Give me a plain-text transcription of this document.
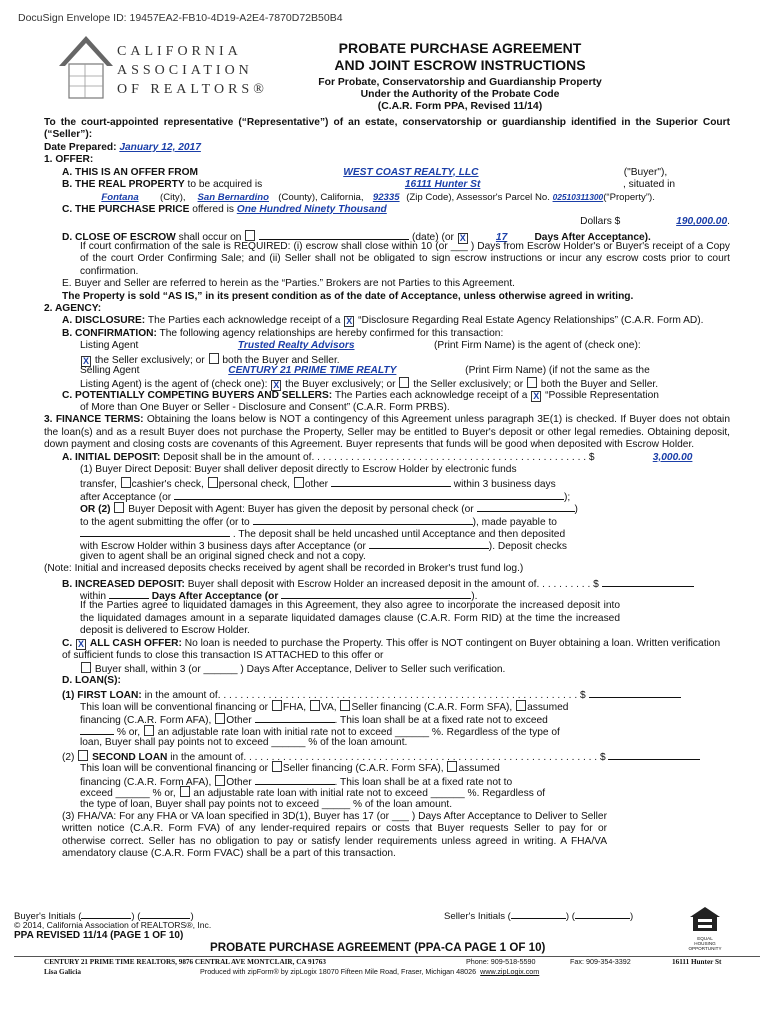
DocuSign Envelope ID: 19457EA2-FB10-4D19-A2E4-7870D72B50B4
CALIFORNIA
ASSOCIATION
OF REALTORS®
PROBATE PURCHASE AGREEMENT
AND JOINT ESCROW INSTRUCTIONS
For Probate, Conservatorship and Guardianship Property
Under the Authority of the Probate Code
(C.A.R. Form PPA, Revised 11/14)
To the court-appointed representative (“Representative”) of an estate, conservatorship or guardianship identified in the Superior Court (“Seller”):
Date Prepared: January 12, 2017
1. OFFER:
A. THIS IS AN OFFER FROM	WEST COAST REALTY, LLC	("Buyer"),
B. THE REAL PROPERTY to be acquired is	16111 Hunter St	, situated in
Fontana (City), San Bernardino (County), California, 92335 (Zip Code), Assessor's Parcel No. 02510311300(“Property”).
C. THE PURCHASE PRICE offered is One Hundred Ninety Thousand
Dollars $	190,000.00.
D. CLOSE OF ESCROW shall occur on	(date) (or X	17	Days After Acceptance).
If court confirmation of the sale is REQUIRED: (i) escrow shall close within 10 (or ___ ) Days from Escrow Holder's or Buyer's receipt of a Copy of the court Order Confirming Sale; and (ii) Seller shall not be obligated to sign escrow instructions or incur any escrow costs prior to court confirmation.
E. Buyer and Seller are referred to herein as the “Parties.” Brokers are not Parties to this Agreement.
The Property is sold “AS IS,” in its present condition as of the date of Acceptance, unless otherwise agreed in writing.
2. AGENCY:
A. DISCLOSURE: The Parties each acknowledge receipt of a X “Disclosure Regarding Real Estate Agency Relationships” (C.A.R. Form AD).
B. CONFIRMATION: The following agency relationships are hereby confirmed for this transaction:
Listing Agent	Trusted Realty Advisors	(Print Firm Name) is the agent of (check one):
X the Seller exclusively; or both the Buyer and Seller.
Selling Agent	CENTURY 21 PRIME TIME REALTY	(Print Firm Name) (if not the same as the
Listing Agent) is the agent of (check one): X the Buyer exclusively; or the Seller exclusively; or both the Buyer and Seller.
C. POTENTIALLY COMPETING BUYERS AND SELLERS: The Parties each acknowledge receipt of a X “Possible Representation
of More than One Buyer or Seller - Disclosure and Consent” (C.A.R. Form PRBS).
3. FINANCE TERMS: Obtaining the loans below is NOT a contingency of this Agreement unless paragraph 3E(1) is checked. If Buyer does not obtain the loan(s) and as a result Buyer does not purchase the Property, Seller may be entitled to Buyer's deposit or other legal remedies. Obtaining deposit, down payment and closing costs are covenants of this Agreement. Buyer represents that funds will be good when deposited with Escrow Holder.
A. INITIAL DEPOSIT: Deposit shall be in the amount of. . . . . . . . . . . . . . . . . . . . . . . . . . . . . . . . . . . . . . . . . . . . . . . . . $	3,000.00
(1) Buyer Direct Deposit: Buyer shall deliver deposit directly to Escrow Holder by electronic funds
transfer, cashier's check, personal check, other	within 3 business days
after Acceptance (or	);
OR (2) Buyer Deposit with Agent: Buyer has given the deposit by personal check (or	)
to the agent submitting the offer (or to	), made payable to
. The deposit shall be held uncashed until Acceptance and then deposited
with Escrow Holder within 3 business days after Acceptance (or	). Deposit checks
given to agent shall be an original signed check and not a copy.
(Note: Initial and increased deposits checks received by agent shall be recorded in Broker's trust fund log.)
B. INCREASED DEPOSIT: Buyer shall deposit with Escrow Holder an increased deposit in the amount of. . . . . . . . . . $
within	Days After Acceptance (or	).
If the Parties agree to liquidated damages in this Agreement, they also agree to incorporate the increased deposit into the liquidated damages amount in a separate liquidated damages clause (C.A.R. Form RID) at the time the increased deposit is delivered to Escrow Holder.
C. X ALL CASH OFFER: No loan is needed to purchase the Property. This offer is NOT contingent on Buyer obtaining a loan. Written verification of sufficient funds to close this transaction IS ATTACHED to this offer or
Buyer shall, within 3 (or ______ ) Days After Acceptance, Deliver to Seller such verification.
D. LOAN(S):
(1) FIRST LOAN: in the amount of. . . . . . . . . . . . . . . . . . . . . . . . . . . . . . . . . . . . . . . . . . . . . . . . . . . . . . . . . . . . . . . . $
This loan will be conventional financing or FHA, VA, Seller financing (C.A.R. Form SFA), assumed
financing (C.A.R. Form AFA), Other	. This loan shall be at a fixed rate not to exceed
% or, an adjustable rate loan with initial rate not to exceed ______ %. Regardless of the type of
loan, Buyer shall pay points not to exceed ______ % of the loan amount.
(2) SECOND LOAN in the amount of. . . . . . . . . . . . . . . . . . . . . . . . . . . . . . . . . . . . . . . . . . . . . . . . . . . . . . . . . . . . . . . $
This loan will be conventional financing or Seller financing (C.A.R. Form SFA), assumed
financing (C.A.R. Form AFA), Other	. This loan shall be at a fixed rate not to
exceed ______ % or, an adjustable rate loan with initial rate not to exceed ______ %. Regardless of
the type of loan, Buyer shall pay points not to exceed _____ % of the loan amount.
(3) FHA/VA: For any FHA or VA loan specified in 3D(1), Buyer has 17 (or ___ ) Days After Acceptance to Deliver to Seller written notice (C.A.R. Form FVA) of any lender-required repairs or costs that Buyer requests Seller to pay for or otherwise correct. Seller has no obligation to pay or satisfy lender requirements unless agreed in writing. A FHA/VA amendatory clause (C.A.R. Form FVAC) shall be a part of this transaction.
Buyer's Initials (	) (	)	Seller's Initials (	) (	)
© 2014, California Association of REALTORS®, Inc.
PPA REVISED 11/14 (PAGE 1 OF 10)	EQUAL HOUSING OPPORTUNITY
PROBATE PURCHASE AGREEMENT (PPA-CA PAGE 1 OF 10)
CENTURY 21 PRIME TIME REALTORS, 9876 CENTRAL AVE MONTCLAIR, CA 91763	Phone: 909-518-5590	Fax: 909-354-3392	16111 Hunter St
Lisa Galicia	Produced with zipForm® by zipLogix 18070 Fifteen Mile Road, Fraser, Michigan 48026 www.zipLogix.com
